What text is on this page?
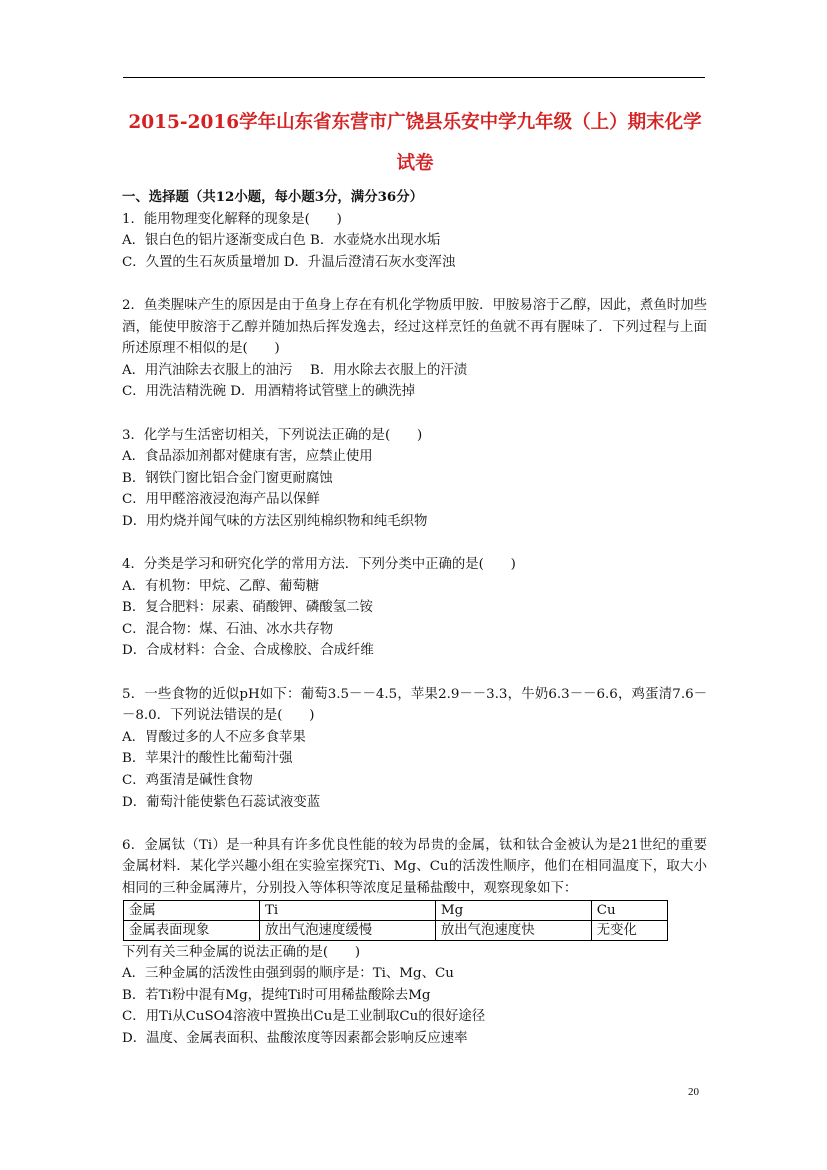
2015-2016学年山东省东营市广饶县乐安中学九年级（上）期末化学
试卷

一、选择题（共12小题，每小题3分，满分36分）

1．能用物理变化解释的现象是(　　)

A．银白色的铝片逐渐变成白色 B．水壶烧水出现水垢

C．久置的生石灰质量增加 D．升温后澄清石灰水变浑浊

2．鱼类腥味产生的原因是由于鱼身上存在有机化学物质甲胺．甲胺易溶于乙醇，因此，煮鱼时加些酒，能使甲胺溶于乙醇并随加热后挥发逸去，经过这样烹饪的鱼就不再有腥味了．下列过程与上面所述原理不相似的是(　　)

A．用汽油除去衣服上的油污　 B．用水除去衣服上的汗渍

C．用洗洁精洗碗 D．用酒精将试管壁上的碘洗掉

3．化学与生活密切相关，下列说法正确的是(　　)

A．食品添加剂都对健康有害，应禁止使用

B．钢铁门窗比铝合金门窗更耐腐蚀

C．用甲醛溶液浸泡海产品以保鲜

D．用灼烧并闻气味的方法区别纯棉织物和纯毛织物

4．分类是学习和研究化学的常用方法．下列分类中正确的是(　　)

A．有机物：甲烷、乙醇、葡萄糖

B．复合肥料：尿素、硝酸钾、磷酸氢二铵

C．混合物：煤、石油、冰水共存物

D．合成材料：合金、合成橡胶、合成纤维

5．一些食物的近似pH如下：葡萄3.5－－4.5，苹果2.9－－3.3，牛奶6.3－－6.6，鸡蛋清7.6－－8.0．下列说法错误的是(　　)

A．胃酸过多的人不应多食苹果

B．苹果汁的酸性比葡萄汁强

C．鸡蛋清是碱性食物

D．葡萄汁能使紫色石蕊试液变蓝

6．金属钛（Ti）是一种具有许多优良性能的较为昂贵的金属，钛和钛合金被认为是21世纪的重要金属材料．某化学兴趣小组在实验室探究Ti、Mg、Cu的活泼性顺序，他们在相同温度下，取大小相同的三种金属薄片，分别投入等体积等浓度足量稀盐酸中，观察现象如下：

金属	Ti	Mg	Cu
金属表面现象	放出气泡速度缓慢	放出气泡速度快	无变化

下列有关三种金属的说法正确的是(　　)

A．三种金属的活泼性由强到弱的顺序是：Ti、Mg、Cu

B．若Ti粉中混有Mg，提纯Ti时可用稀盐酸除去Mg

C．用Ti从CuSO4溶液中置换出Cu是工业制取Cu的很好途径

D．温度、金属表面积、盐酸浓度等因素都会影响反应速率

20
